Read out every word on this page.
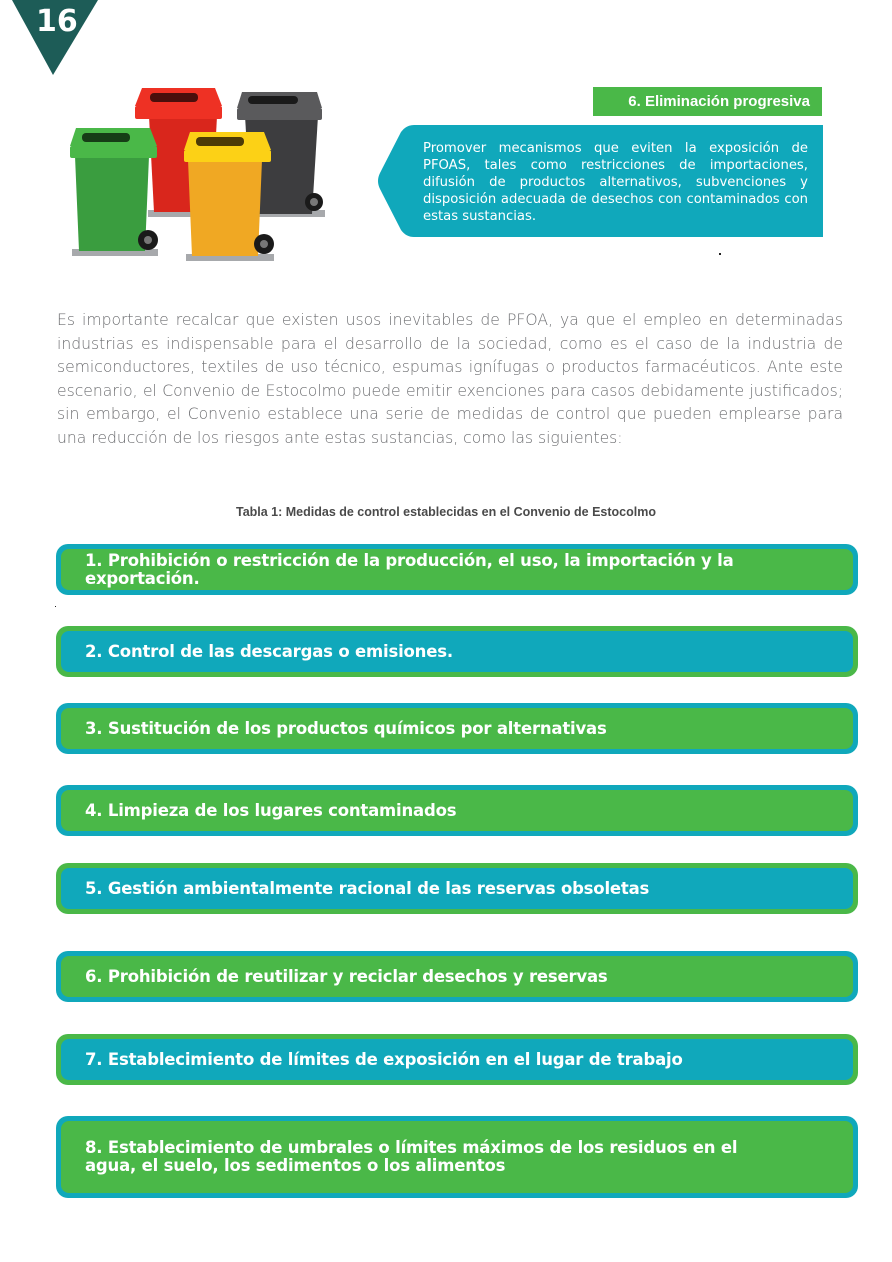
16
6. Eliminación progresiva
Promover mecanismos que eviten la exposición de PFOAS, tales como restricciones de importaciones, difusión de productos alternativos, subvenciones y disposición adecuada de desechos con contaminados con estas sustancias.

Es importante recalcar que existen usos inevitables de PFOA, ya que el empleo en determinadas industrias es indispensable para el desarrollo de la sociedad, como es el caso de la industria de semiconductores, textiles de uso técnico, espumas ignífugas o productos farmacéuticos. Ante este escenario, el Convenio de Estocolmo puede emitir exenciones para casos debidamente justificados; sin embargo, el Convenio establece una serie de medidas de control que pueden emplearse para una reducción de los riesgos ante estas sustancias, como las siguientes:

Tabla 1: Medidas de control establecidas en el Convenio de Estocolmo
1. Prohibición o restricción de la producción, el uso, la importación y la exportación.
2. Control de las descargas o emisiones.
3. Sustitución de los productos químicos por alternativas
4. Limpieza de los lugares contaminados
5. Gestión ambientalmente racional de las reservas obsoletas
6. Prohibición de reutilizar y reciclar desechos y reservas
7. Establecimiento de límites de exposición en el lugar de trabajo
8. Establecimiento de umbrales o límites máximos de los residuos en el agua, el suelo, los sedimentos o los alimentos
